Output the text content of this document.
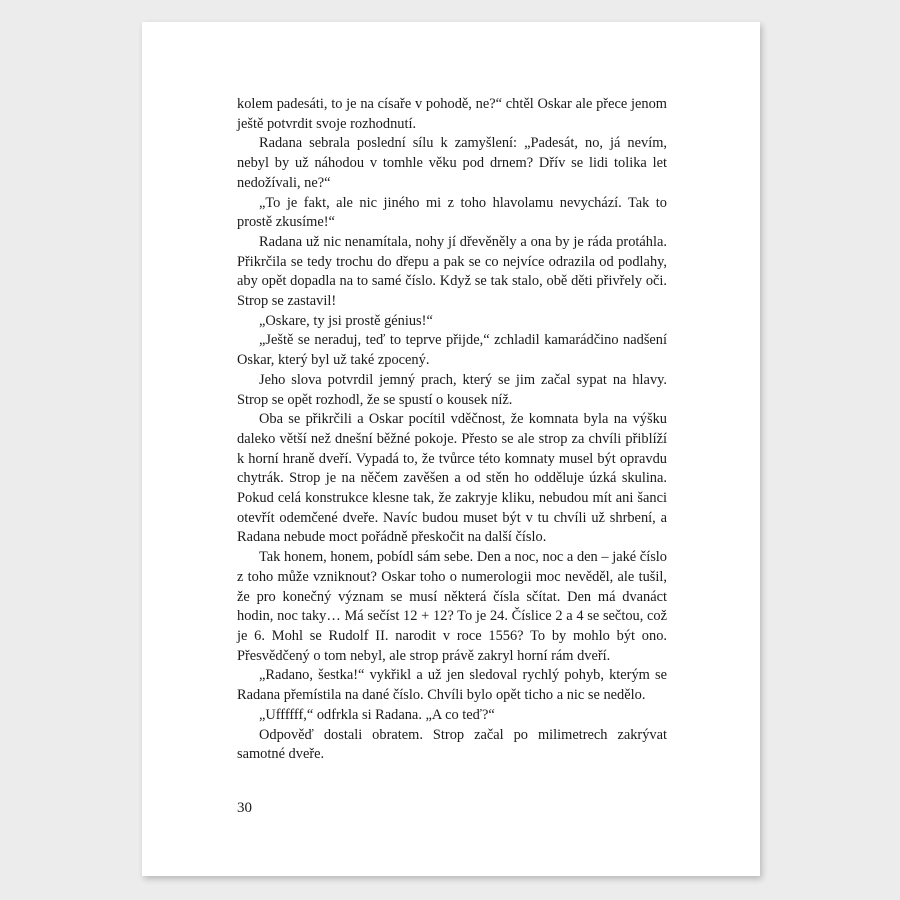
kolem padesáti, to je na císaře v pohodě, ne?“ chtěl Oskar ale přece jenom ještě potvrdit svoje rozhodnutí.

Radana sebrala poslední sílu k zamyšlení: „Padesát, no, já nevím, nebyl by už náhodou v tomhle věku pod drnem? Dřív se lidi tolika let nedožívali, ne?“

„To je fakt, ale nic jiného mi z toho hlavolamu nevychází. Tak to prostě zkusíme!“

Radana už nic nenamítala, nohy jí dřevěněly a ona by je ráda protáhla. Přikrčila se tedy trochu do dřepu a pak se co nejvíce odrazila od podlahy, aby opět dopadla na to samé číslo. Když se tak stalo, obě děti přivřely oči. Strop se zastavil!

„Oskare, ty jsi prostě génius!“

„Ještě se neraduj, teď to teprve přijde,“ zchladil kamarádčino nadšení Oskar, který byl už také zpocený.

Jeho slova potvrdil jemný prach, který se jim začal sypat na hlavy. Strop se opět rozhodl, že se spustí o kousek níž.

Oba se přikrčili a Oskar pocítil vděčnost, že komnata byla na výšku daleko větší než dnešní běžné pokoje. Přesto se ale strop za chvíli přiblíží k horní hraně dveří. Vypadá to, že tvůrce této komnaty musel být opravdu chytrák. Strop je na něčem zavěšen a od stěn ho odděluje úzká skulina. Pokud celá konstrukce klesne tak, že zakryje kliku, nebudou mít ani šanci otevřít odemčené dveře. Navíc budou muset být v tu chvíli už shrbení, a Radana nebude moct pořádně přeskočit na další číslo.

Tak honem, honem, pobídl sám sebe. Den a noc, noc a den – jaké číslo z toho může vzniknout? Oskar toho o numerologii moc nevěděl, ale tušil, že pro konečný význam se musí některá čísla sčítat. Den má dvanáct hodin, noc taky… Má sečíst 12 + 12? To je 24. Číslice 2 a 4 se sečtou, což je 6. Mohl se Rudolf II. narodit v roce 1556? To by mohlo být ono. Přesvědčený o tom nebyl, ale strop právě zakryl horní rám dveří.

„Radano, šestka!“ vykřikl a už jen sledoval rychlý pohyb, kterým se Radana přemístila na dané číslo. Chvíli bylo opět ticho a nic se nedělo.

„Uffffff,“ odfrkla si Radana. „A co teď?“

Odpověď dostali obratem. Strop začal po milimetrech zakrývat samotné dveře.

30
